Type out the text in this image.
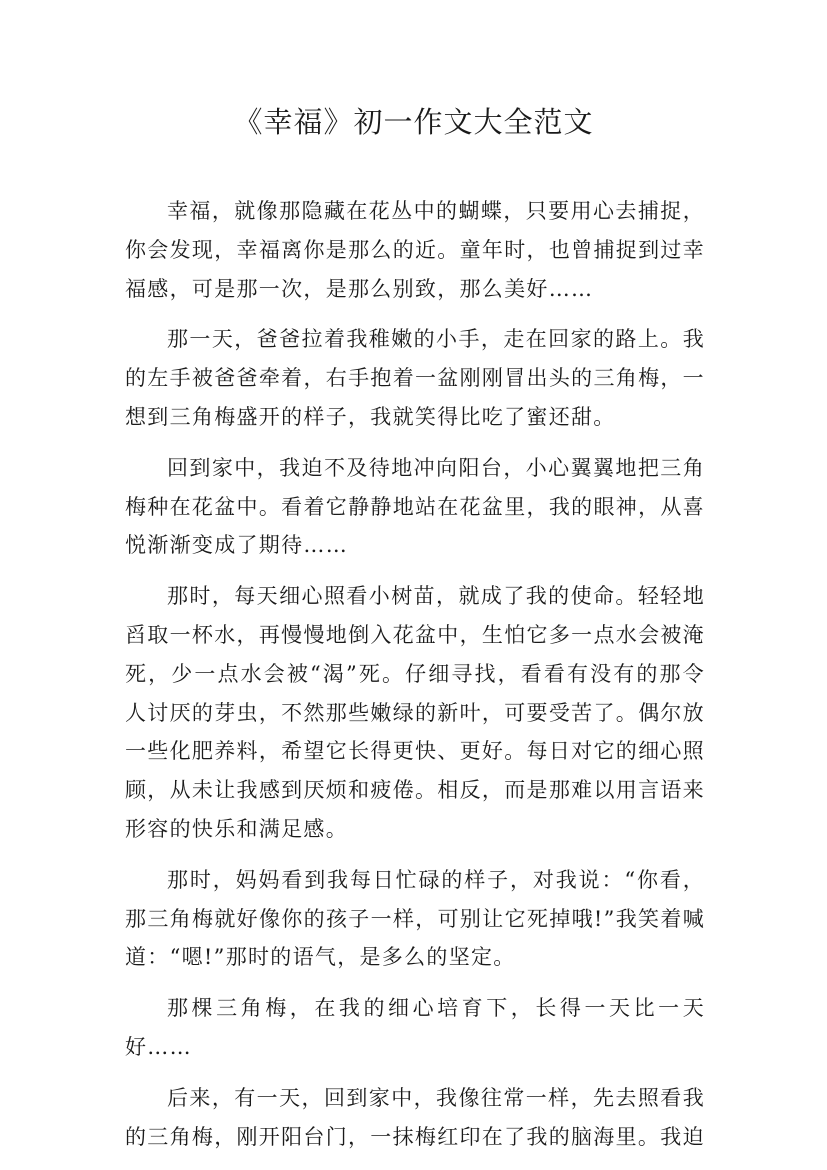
《幸福》初一作文大全范文

幸福，就像那隐藏在花丛中的蝴蝶，只要用心去捕捉，你会发现，幸福离你是那么的近。童年时，也曾捕捉到过幸福感，可是那一次，是那么别致，那么美好……

那一天，爸爸拉着我稚嫩的小手，走在回家的路上。我的左手被爸爸牵着，右手抱着一盆刚刚冒出头的三角梅，一想到三角梅盛开的样子，我就笑得比吃了蜜还甜。

回到家中，我迫不及待地冲向阳台，小心翼翼地把三角梅种在花盆中。看着它静静地站在花盆里，我的眼神，从喜悦渐渐变成了期待……

那时，每天细心照看小树苗，就成了我的使命。轻轻地舀取一杯水，再慢慢地倒入花盆中，生怕它多一点水会被淹死，少一点水会被“渴”死。仔细寻找，看看有没有的那令人讨厌的芽虫，不然那些嫩绿的新叶，可要受苦了。偶尔放一些化肥养料，希望它长得更快、更好。每日对它的细心照顾，从未让我感到厌烦和疲倦。相反，而是那难以用言语来形容的快乐和满足感。

那时，妈妈看到我每日忙碌的样子，对我说：“你看，那三角梅就好像你的孩子一样，可别让它死掉哦!”我笑着喊道：“嗯!”那时的语气，是多么的坚定。

那棵三角梅，在我的细心培育下，长得一天比一天好……

后来，有一天，回到家中，我像往常一样，先去照看我的三角梅，刚开阳台门，一抹梅红印在了我的脑海里。我迫
